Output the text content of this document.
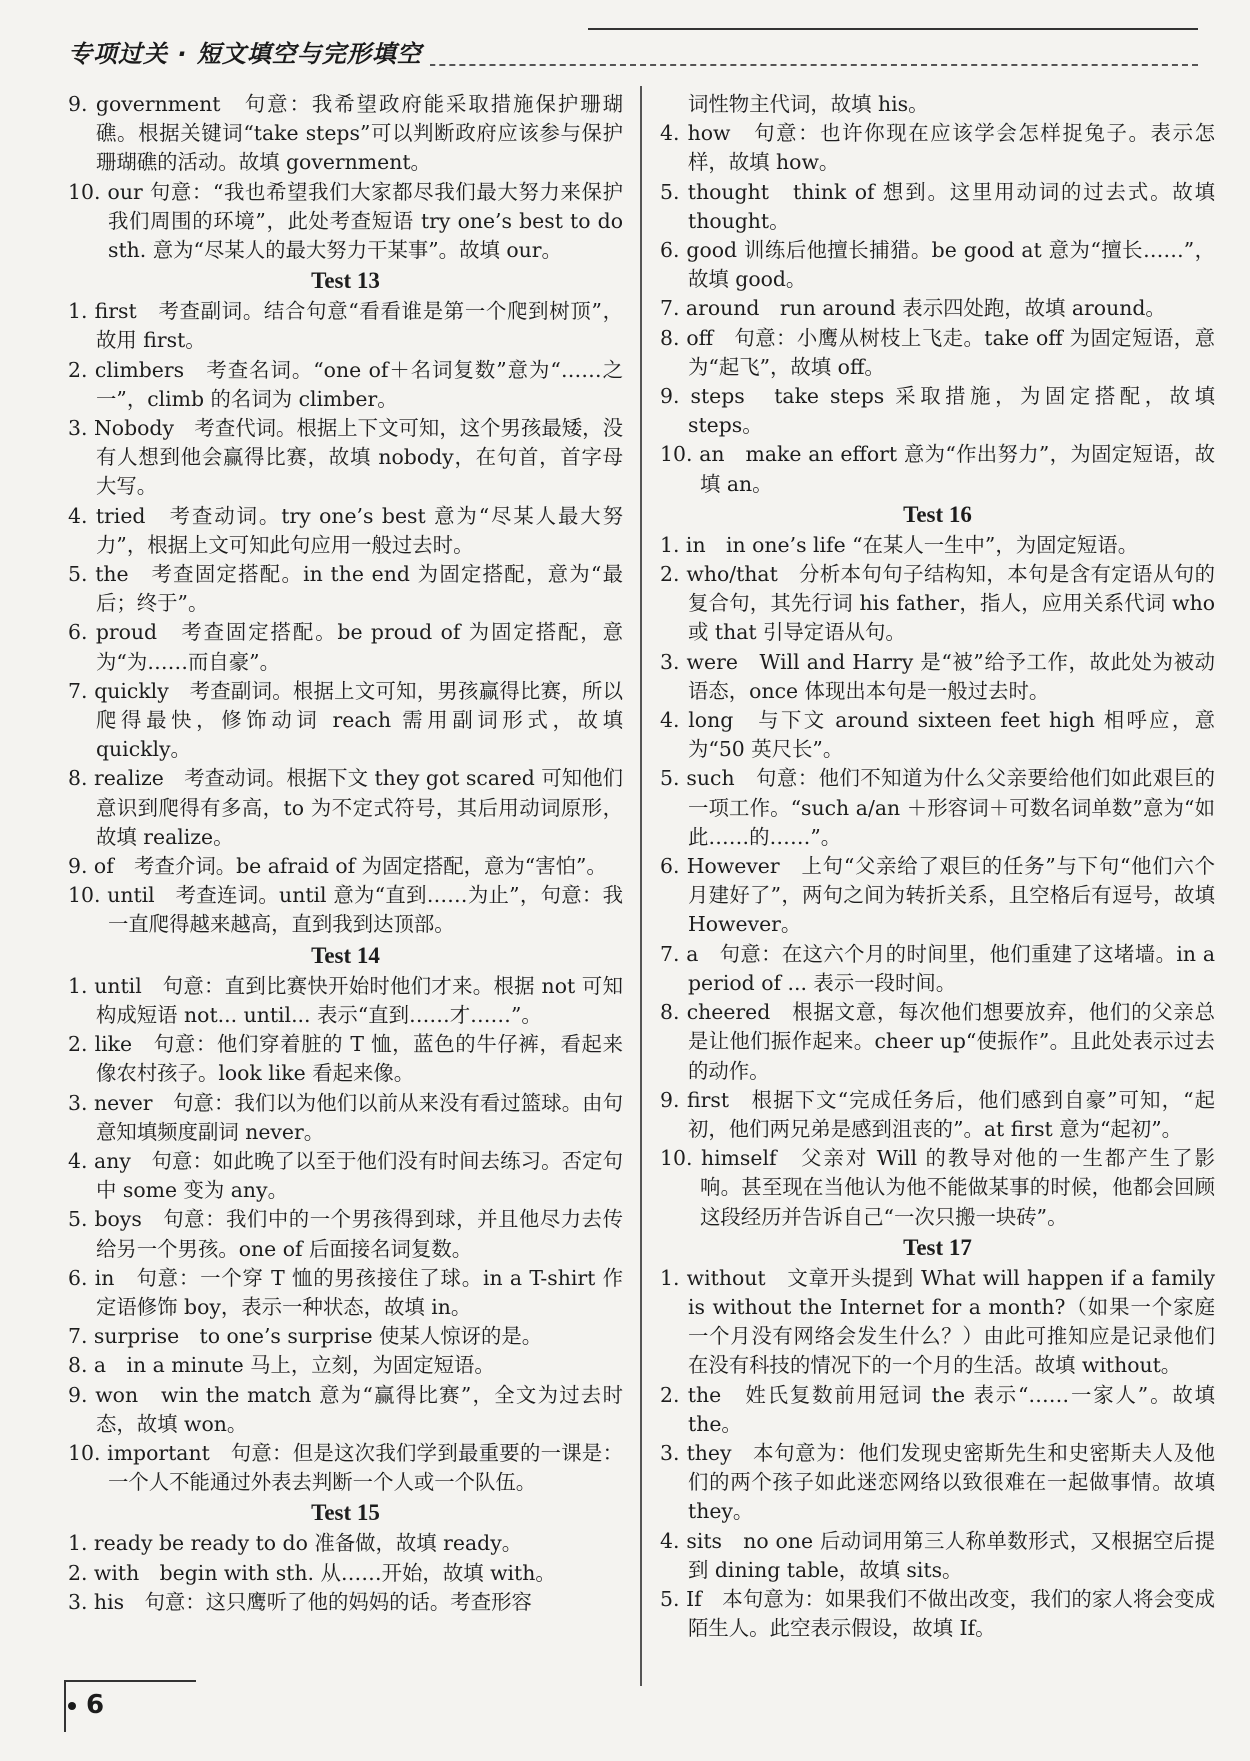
专项过关 · 短文填空与完形填空

9. government　句意：我希望政府能采取措施保护珊瑚礁。根据关键词“take steps”可以判断政府应该参与保护珊瑚礁的活动。故填 government。

10. our 句意：“我也希望我们大家都尽我们最大努力来保护我们周围的环境”，此处考查短语 try one’s best to do sth. 意为“尽某人的最大努力干某事”。故填 our。

Test 13

1. first　考查副词。结合句意“看看谁是第一个爬到树顶”，故用 first。

2. climbers　考查名词。“one of＋名词复数”意为“……之一”，climb 的名词为 climber。

3. Nobody　考查代词。根据上下文可知，这个男孩最矮，没有人想到他会赢得比赛，故填 nobody，在句首，首字母大写。

4. tried　考查动词。try one’s best 意为“尽某人最大努力”，根据上文可知此句应用一般过去时。

5. the　考查固定搭配。in the end 为固定搭配，意为“最后；终于”。

6. proud　考查固定搭配。be proud of 为固定搭配，意为“为……而自豪”。

7. quickly　考查副词。根据上文可知，男孩赢得比赛，所以爬得最快，修饰动词 reach 需用副词形式，故填 quickly。

8. realize　考查动词。根据下文 they got scared 可知他们意识到爬得有多高，to 为不定式符号，其后用动词原形，故填 realize。

9. of　考查介词。be afraid of 为固定搭配，意为“害怕”。

10. until　考查连词。until 意为“直到……为止”，句意：我一直爬得越来越高，直到我到达顶部。

Test 14

1. until　句意：直到比赛快开始时他们才来。根据 not 可知构成短语 not... until... 表示“直到……才……”。

2. like　句意：他们穿着脏的 T 恤，蓝色的牛仔裤，看起来像农村孩子。look like 看起来像。

3. never　句意：我们以为他们以前从来没有看过篮球。由句意知填频度副词 never。

4. any　句意：如此晚了以至于他们没有时间去练习。否定句中 some 变为 any。

5. boys　句意：我们中的一个男孩得到球，并且他尽力去传给另一个男孩。one of 后面接名词复数。

6. in　句意：一个穿 T 恤的男孩接住了球。in a T-shirt 作定语修饰 boy，表示一种状态，故填 in。

7. surprise　to one’s surprise 使某人惊讶的是。

8. a　in a minute 马上，立刻，为固定短语。

9. won　win the match 意为“赢得比赛”，全文为过去时态，故填 won。

10. important　句意：但是这次我们学到最重要的一课是：一个人不能通过外表去判断一个人或一个队伍。

Test 15

1. ready be ready to do 准备做，故填 ready。

2. with　begin with sth. 从……开始，故填 with。

3. his　句意：这只鹰听了他的妈妈的话。考查形容

词性物主代词，故填 his。

4. how　句意：也许你现在应该学会怎样捉兔子。表示怎样，故填 how。

5. thought　think of 想到。这里用动词的过去式。故填 thought。

6. good 训练后他擅长捕猎。be good at 意为“擅长……”，故填 good。

7. around　run around 表示四处跑，故填 around。

8. off　句意：小鹰从树枝上飞走。take off 为固定短语，意为“起飞”，故填 off。

9. steps　take steps 采取措施，为固定搭配，故填 steps。

10. an　make an effort 意为“作出努力”，为固定短语，故填 an。

Test 16

1. in　in one’s life “在某人一生中”，为固定短语。

2. who/that　分析本句句子结构知，本句是含有定语从句的复合句，其先行词 his father，指人，应用关系代词 who 或 that 引导定语从句。

3. were　Will and Harry 是“被”给予工作，故此处为被动语态，once 体现出本句是一般过去时。

4. long　与下文 around sixteen feet high 相呼应，意为“50 英尺长”。

5. such　句意：他们不知道为什么父亲要给他们如此艰巨的一项工作。“such a/an ＋形容词＋可数名词单数”意为“如此……的……”。

6. However　上句“父亲给了艰巨的任务”与下句“他们六个月建好了”，两句之间为转折关系，且空格后有逗号，故填 However。

7. a　句意：在这六个月的时间里，他们重建了这堵墙。in a period of ... 表示一段时间。

8. cheered　根据文意，每次他们想要放弃，他们的父亲总是让他们振作起来。cheer up“使振作”。且此处表示过去的动作。

9. first　根据下文“完成任务后，他们感到自豪”可知，“起初，他们两兄弟是感到沮丧的”。at first 意为“起初”。

10. himself　父亲对 Will 的教导对他的一生都产生了影响。甚至现在当他认为他不能做某事的时候，他都会回顾这段经历并告诉自己“一次只搬一块砖”。

Test 17

1. without　文章开头提到 What will happen if a family is without the Internet for a month?（如果一个家庭一个月没有网络会发生什么？）由此可推知应是记录他们在没有科技的情况下的一个月的生活。故填 without。

2. the　姓氏复数前用冠词 the 表示“……一家人”。故填 the。

3. they　本句意为：他们发现史密斯先生和史密斯夫人及他们的两个孩子如此迷恋网络以致很难在一起做事情。故填 they。

4. sits　no one 后动词用第三人称单数形式，又根据空后提到 dining table，故填 sits。

5. If　本句意为：如果我们不做出改变，我们的家人将会变成陌生人。此空表示假设，故填 If。

6
